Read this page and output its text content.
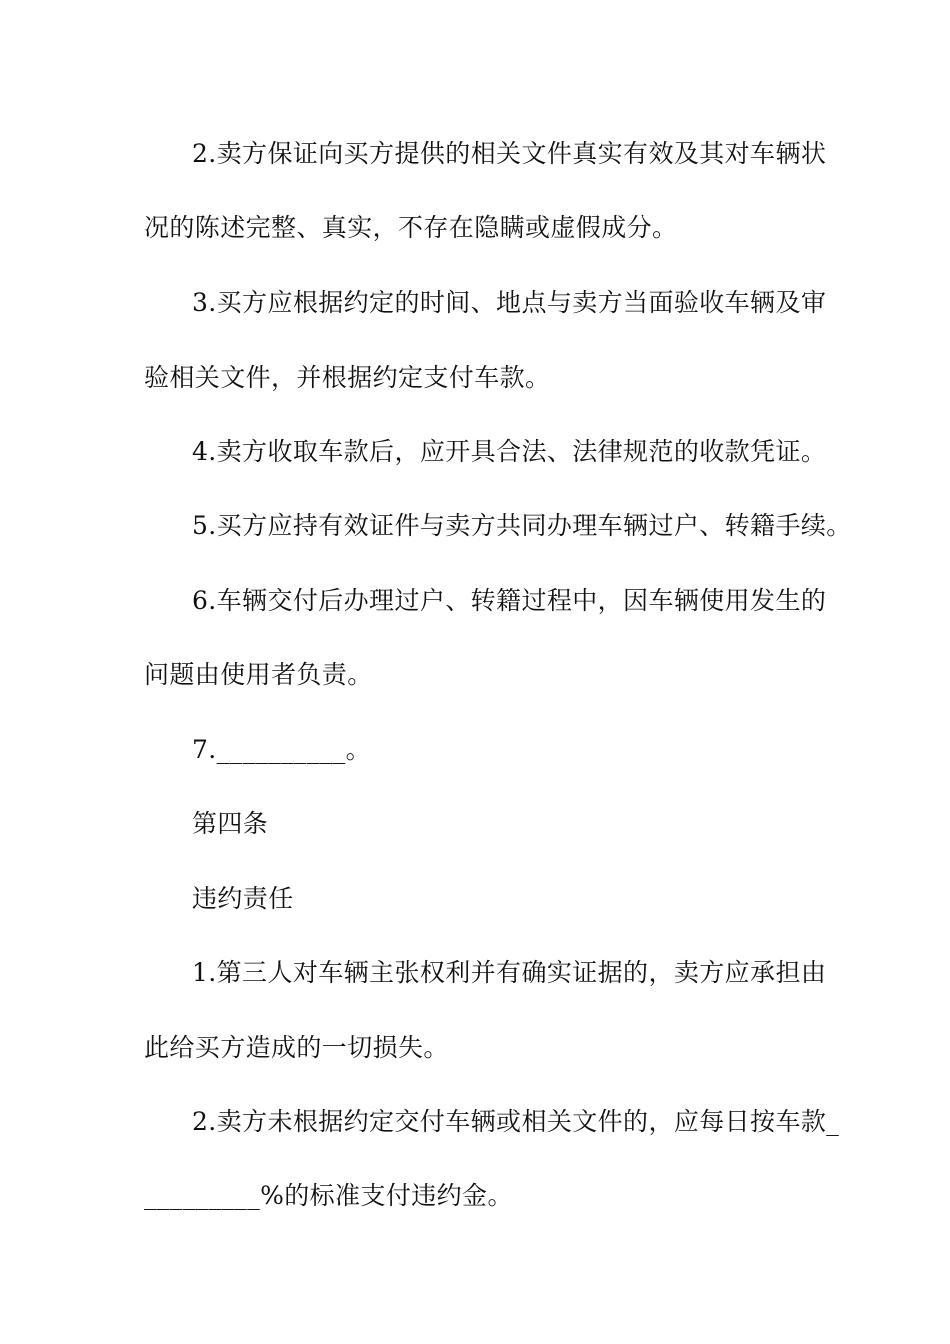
2.卖方保证向买方提供的相关文件真实有效及其对车辆状
况的陈述完整、真实，不存在隐瞒或虚假成分。
3.买方应根据约定的时间、地点与卖方当面验收车辆及审
验相关文件，并根据约定支付车款。
4.卖方收取车款后，应开具合法、法律规范的收款凭证。
5.买方应持有效证件与卖方共同办理车辆过户、转籍手续。
6.车辆交付后办理过户、转籍过程中，因车辆使用发生的
问题由使用者负责。
7.__________。
第四条
违约责任
1.第三人对车辆主张权利并有确实证据的，卖方应承担由
此给买方造成的一切损失。
2.卖方未根据约定交付车辆或相关文件的，应每日按车款_
_________%的标准支付违约金。
